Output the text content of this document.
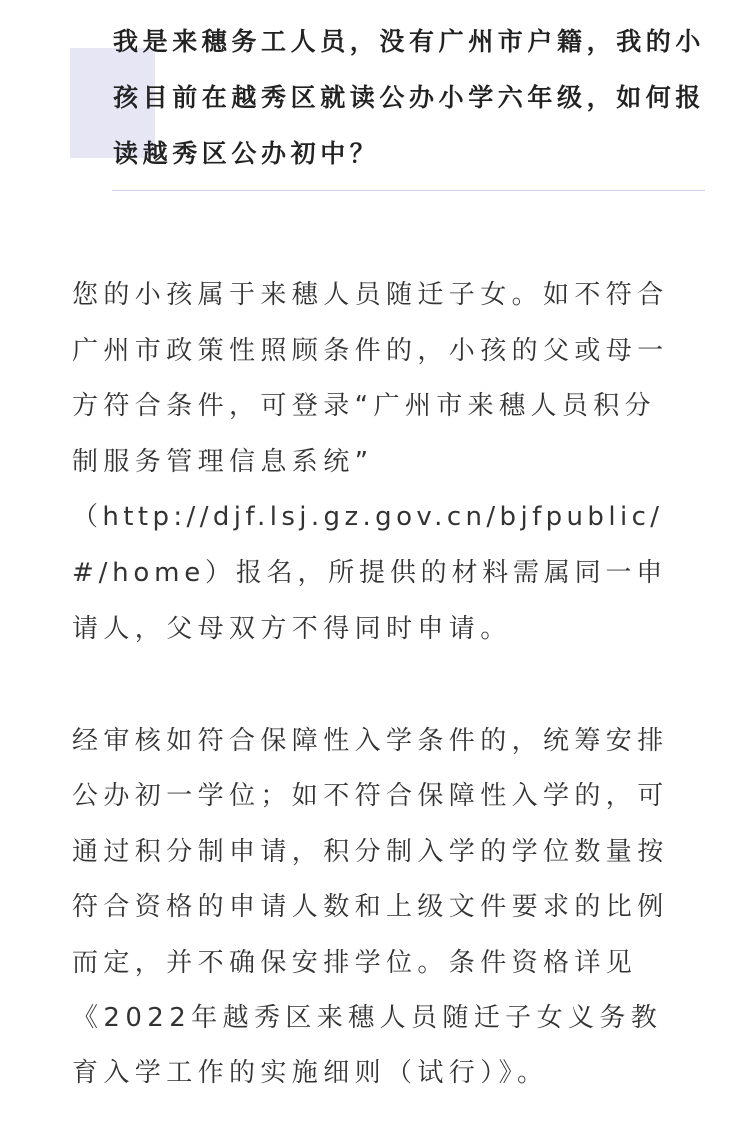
我是来穗务工人员，没有广州市户籍，我的小
孩目前在越秀区就读公办小学六年级，如何报
读越秀区公办初中？
您的小孩属于来穗人员随迁子女。如不符合
广州市政策性照顾条件的，小孩的父或母一
方符合条件，可登录“广州市来穗人员积分
制服务管理信息系统”
（http://djf.lsj.gz.gov.cn/bjfpublic/
#/home）报名，所提供的材料需属同一申
请人，父母双方不得同时申请。
经审核如符合保障性入学条件的，统筹安排
公办初一学位；如不符合保障性入学的，可
通过积分制申请，积分制入学的学位数量按
符合资格的申请人数和上级文件要求的比例
而定，并不确保安排学位。条件资格详见
《2022年越秀区来穗人员随迁子女义务教
育入学工作的实施细则（试行）》。
